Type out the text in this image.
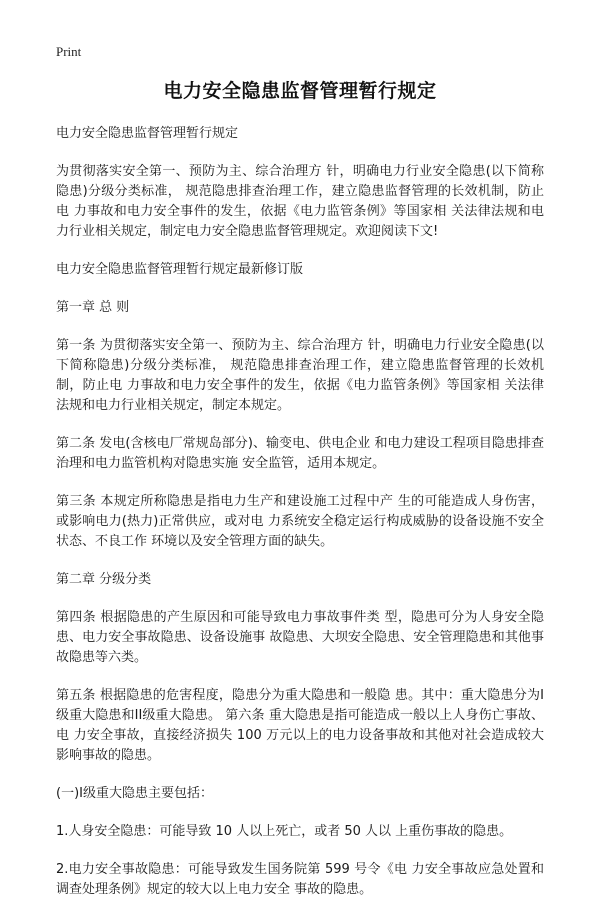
Print
电力安全隐患监督管理暂行规定

电力安全隐患监督管理暂行规定

为贯彻落实安全第一、预防为主、综合治理方 针，明确电力行业安全隐患(以下简称隐患)分级分类标准， 规范隐患排查治理工作，建立隐患监督管理的长效机制，防止电 力事故和电力安全事件的发生，依据《电力监管条例》等国家相 关法律法规和电力行业相关规定，制定电力安全隐患监督管理规定。欢迎阅读下文!

电力安全隐患监督管理暂行规定最新修订版

第一章 总 则

第一条 为贯彻落实安全第一、预防为主、综合治理方 针，明确电力行业安全隐患(以下简称隐患)分级分类标准， 规范隐患排查治理工作，建立隐患监督管理的长效机制，防止电 力事故和电力安全事件的发生，依据《电力监管条例》等国家相 关法律法规和电力行业相关规定，制定本规定。

第二条 发电(含核电厂常规岛部分)、输变电、供电企业 和电力建设工程项目隐患排查治理和电力监管机构对隐患实施 安全监管，适用本规定。

第三条 本规定所称隐患是指电力生产和建设施工过程中产 生的可能造成人身伤害，或影响电力(热力)正常供应，或对电 力系统安全稳定运行构成威胁的设备设施不安全状态、不良工作 环境以及安全管理方面的缺失。

第二章 分级分类

第四条 根据隐患的产生原因和可能导致电力事故事件类 型，隐患可分为人身安全隐患、电力安全事故隐患、设备设施事 故隐患、大坝安全隐患、安全管理隐患和其他事故隐患等六类。

第五条 根据隐患的危害程度，隐患分为重大隐患和一般隐 患。其中：重大隐患分为I级重大隐患和II级重大隐患。 第六条 重大隐患是指可能造成一般以上人身伤亡事故、电 力安全事故，直接经济损失 100 万元以上的电力设备事故和其他对社会造成较大影响事故的隐患。

(一)I级重大隐患主要包括：

1.人身安全隐患：可能导致 10 人以上死亡，或者 50 人以 上重伤事故的隐患。

2.电力安全事故隐患：可能导致发生国务院第 599 号令《电 力安全事故应急处置和调查处理条例》规定的较大以上电力安全 事故的隐患。
